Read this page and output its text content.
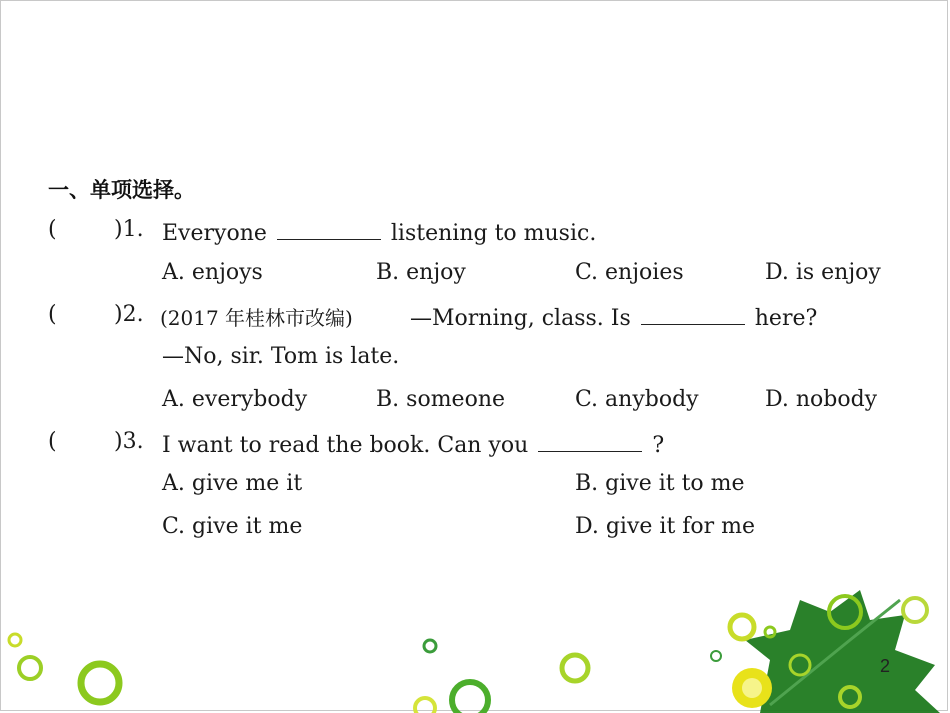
一、单项选择。
(	)1. Everyone	listening to music.
A. enjoys	B. enjoy	C. enjoies	D. is enjoy
(	)2. (2017 年桂林市改编)	—Morning, class. Is	here?
—No, sir. Tom is late.
A. everybody	B. someone	C. anybody	D. nobody
(	)3. I want to read the book. Can you	?
A. give me it	B. give it to me
C. give it me	D. give it for me
2
